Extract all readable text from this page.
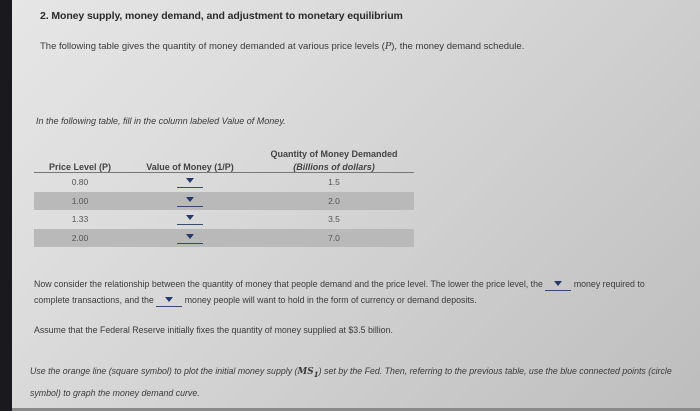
2. Money supply, money demand, and adjustment to monetary equilibrium
The following table gives the quantity of money demanded at various price levels (P), the money demand schedule.
In the following table, fill in the column labeled Value of Money.
Price Level (P)	Value of Money (1/P)	Quantity of Money Demanded
(Billions of dollars)

0.80		1.5
1.00		2.0
1.33		3.5
2.00		7.0
Now consider the relationship between the quantity of money that people demand and the price level. The lower the price level, the	money required to complete transactions, and the	money people will want to hold in the form of currency or demand deposits.
Assume that the Federal Reserve initially fixes the quantity of money supplied at $3.5 billion.
Use the orange line (square symbol) to plot the initial money supply $(MS_1)$ set by the Fed. Then, referring to the previous table, use the blue connected points (circle symbol) to graph the money demand curve.
